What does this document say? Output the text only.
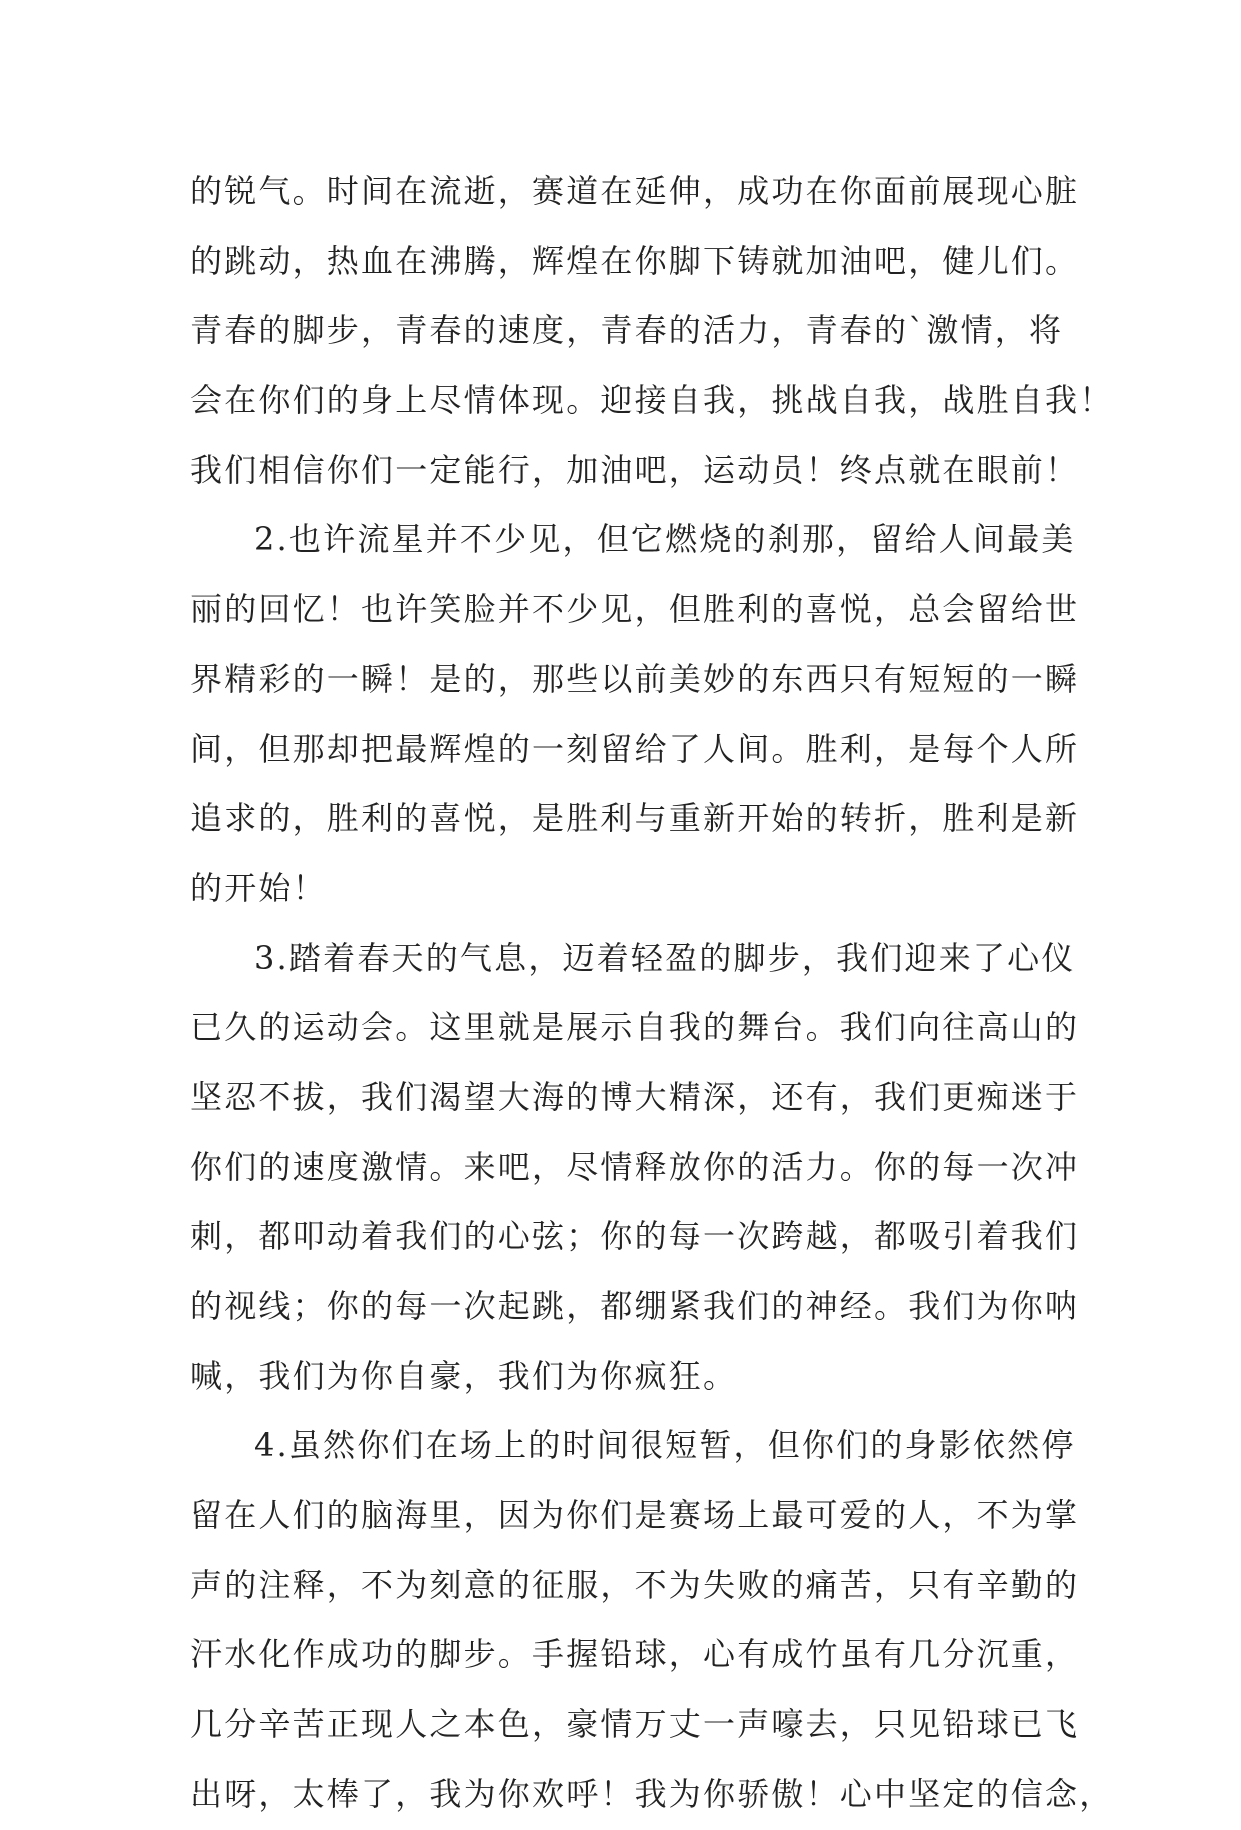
的锐气。时间在流逝，赛道在延伸，成功在你面前展现心脏
的跳动，热血在沸腾，辉煌在你脚下铸就加油吧，健儿们。
青春的脚步，青春的速度，青春的活力，青春的`激情，将
会在你们的身上尽情体现。迎接自我，挑战自我，战胜自我！
我们相信你们一定能行，加油吧，运动员！终点就在眼前！
2.也许流星并不少见，但它燃烧的刹那，留给人间最美
丽的回忆！也许笑脸并不少见，但胜利的喜悦，总会留给世
界精彩的一瞬！是的，那些以前美妙的东西只有短短的一瞬
间，但那却把最辉煌的一刻留给了人间。胜利，是每个人所
追求的，胜利的喜悦，是胜利与重新开始的转折，胜利是新
的开始！
3.踏着春天的气息，迈着轻盈的脚步，我们迎来了心仪
已久的运动会。这里就是展示自我的舞台。我们向往高山的
坚忍不拔，我们渴望大海的博大精深，还有，我们更痴迷于
你们的速度激情。来吧，尽情释放你的活力。你的每一次冲
刺，都叩动着我们的心弦；你的每一次跨越，都吸引着我们
的视线；你的每一次起跳，都绷紧我们的神经。我们为你呐
喊，我们为你自豪，我们为你疯狂。
4.虽然你们在场上的时间很短暂，但你们的身影依然停
留在人们的脑海里，因为你们是赛场上最可爱的人，不为掌
声的注释，不为刻意的征服，不为失败的痛苦，只有辛勤的
汗水化作成功的脚步。手握铅球，心有成竹虽有几分沉重，
几分辛苦正现人之本色，豪情万丈一声嚎去，只见铅球已飞
出呀，太棒了，我为你欢呼！我为你骄傲！心中坚定的信念，
